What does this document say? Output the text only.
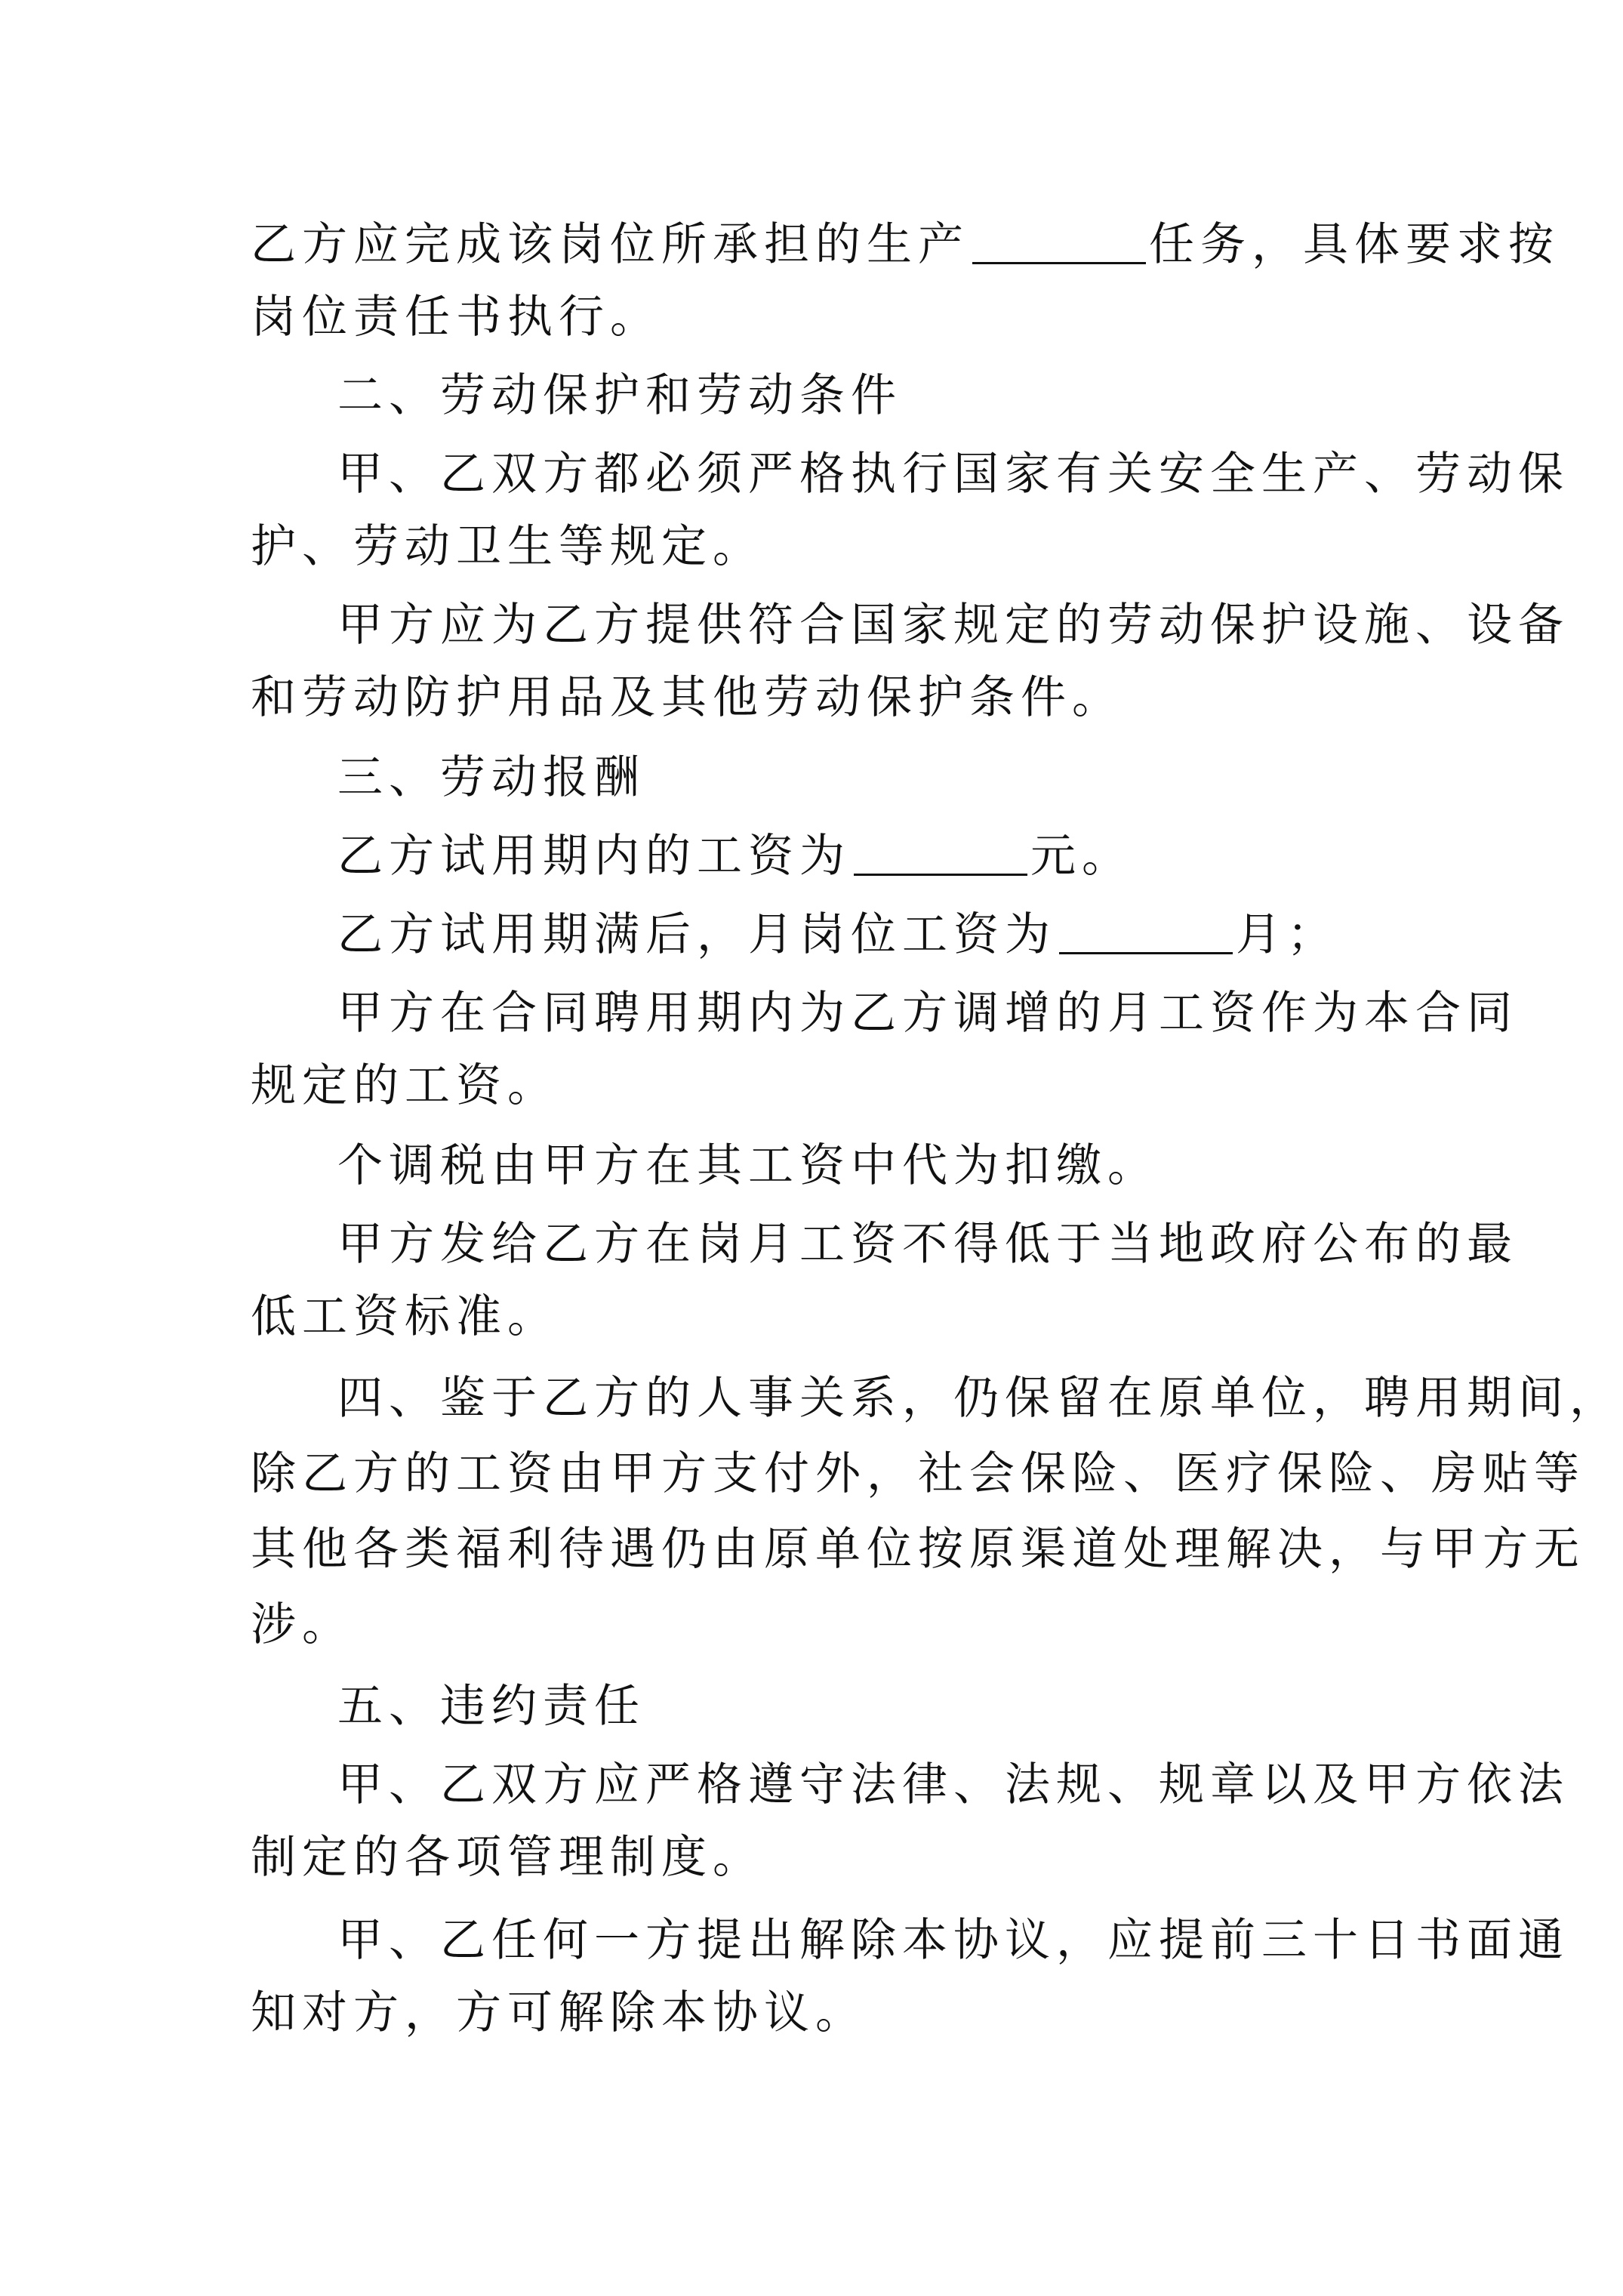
乙方应完成该岗位所承担的生产	任务，具体要求按
岗位责任书执行。
二、劳动保护和劳动条件
甲、乙双方都必须严格执行国家有关安全生产、劳动保
护、劳动卫生等规定。
甲方应为乙方提供符合国家规定的劳动保护设施、设备
和劳动防护用品及其他劳动保护条件。
三、劳动报酬
乙方试用期内的工资为	元。
乙方试用期满后，月岗位工资为	月；
甲方在合同聘用期内为乙方调增的月工资作为本合同
规定的工资。
个调税由甲方在其工资中代为扣缴。
甲方发给乙方在岗月工资不得低于当地政府公布的最
低工资标准。
四、鉴于乙方的人事关系，仍保留在原单位，聘用期间，
除乙方的工资由甲方支付外，社会保险、医疗保险、房贴等
其他各类福利待遇仍由原单位按原渠道处理解决，与甲方无
涉。
五、违约责任
甲、乙双方应严格遵守法律、法规、规章以及甲方依法
制定的各项管理制度。
甲、乙任何一方提出解除本协议，应提前三十日书面通
知对方，方可解除本协议。
